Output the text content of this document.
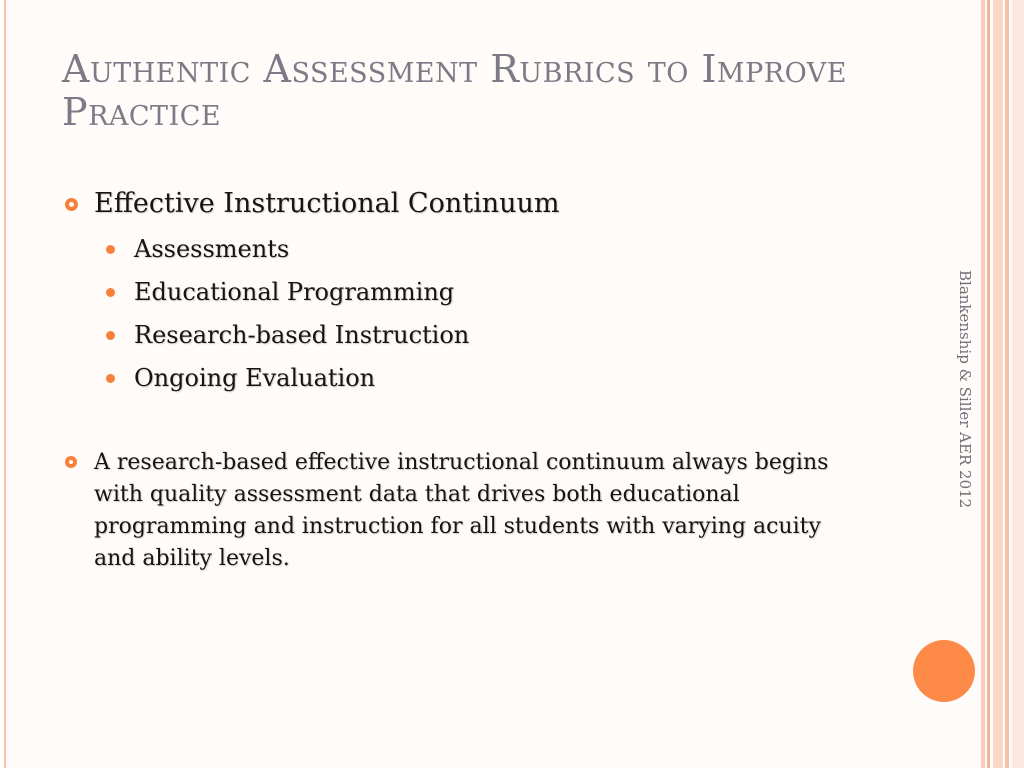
Authentic Assessment Rubrics to Improve Practice
Effective Instructional Continuum
Assessments
Educational Programming
Research-based Instruction
Ongoing Evaluation
A research-based effective instructional continuum always begins with quality assessment data that drives both educational programming and instruction for all students with varying acuity and ability levels.
Blankenship & Siller AER 2012
